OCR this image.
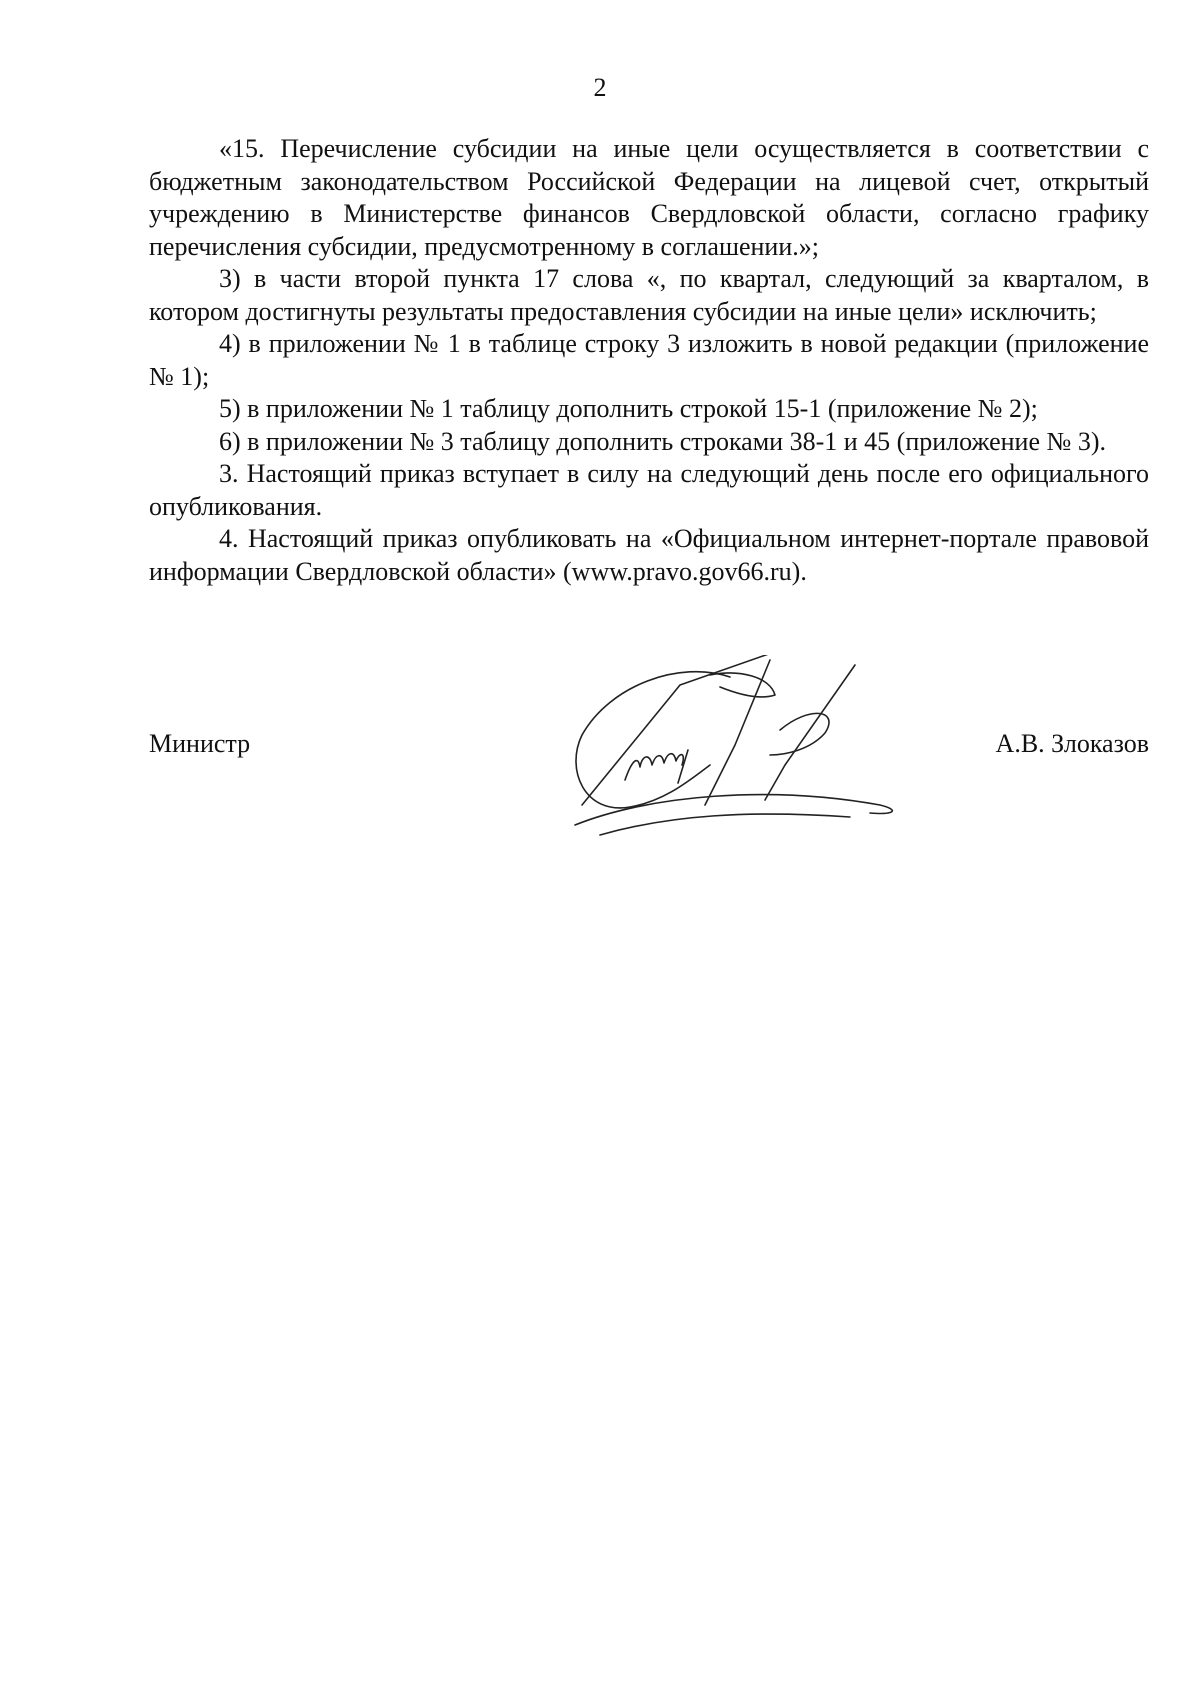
2

«15. Перечисление субсидии на иные цели осуществляется в соответствии с бюджетным законодательством Российской Федерации на лицевой счет, открытый учреждению в Министерстве финансов Свердловской области, согласно графику перечисления субсидии, предусмотренному в соглашении.»;

3) в части второй пункта 17 слова «, по квартал, следующий за кварталом, в котором достигнуты результаты предоставления субсидии на иные цели» исключить;

4) в приложении № 1 в таблице строку 3 изложить в новой редакции (приложение № 1);

5) в приложении № 1 таблицу дополнить строкой 15-1 (приложение № 2);

6) в приложении № 3 таблицу дополнить строками 38-1 и 45 (приложение № 3).

3. Настоящий приказ вступает в силу на следующий день после его официального опубликования.

4. Настоящий приказ опубликовать на «Официальном интернет-портале правовой информации Свердловской области» (www.pravo.gov66.ru).

Министр	А.В. Злоказов
